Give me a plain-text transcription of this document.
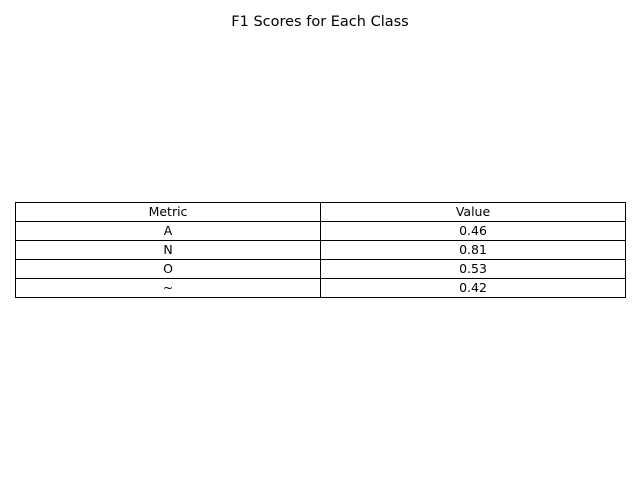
F1 Scores for Each Class
Metric	Value
A	0.46
N	0.81
O	0.53
~	0.42
